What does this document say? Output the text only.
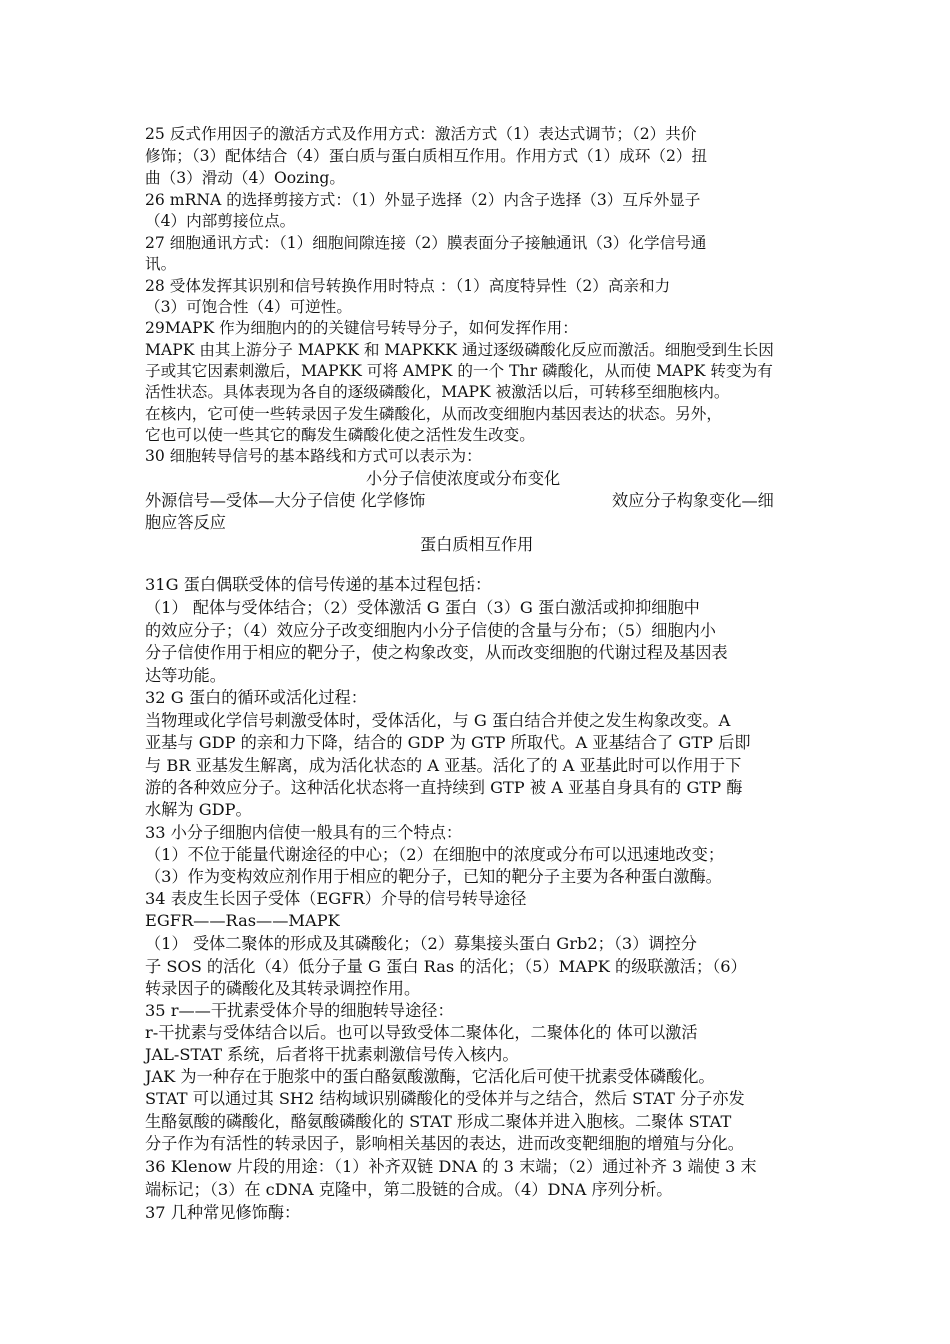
25 反式作用因子的激活方式及作用方式：激活方式（1）表达式调节；（2）共价
修饰；（3）配体结合（4）蛋白质与蛋白质相互作用。作用方式（1）成环（2）扭
曲（3）滑动（4）Oozing。
26 mRNA 的选择剪接方式：（1）外显子选择（2）内含子选择（3）互斥外显子
（4）内部剪接位点。
27 细胞通讯方式：（1）细胞间隙连接（2）膜表面分子接触通讯（3）化学信号通
讯。
28 受体发挥其识别和信号转换作用时特点 ：（1）高度特异性（2）高亲和力
（3）可饱合性（4）可逆性。
29MAPK 作为细胞内的的关键信号转导分子，如何发挥作用：
MAPK 由其上游分子 MAPKK 和 MAPKKK 通过逐级磷酸化反应而激活。细胞受到生长因
子或其它因素刺激后，MAPKK 可将 AMPK 的一个 Thr 磷酸化，从而使 MAPK 转变为有
活性状态。具体表现为各自的逐级磷酸化，MAPK 被激活以后，可转移至细胞核内。
在核内，它可使一些转录因子发生磷酸化，从而改变细胞内基因表达的状态。另外，
它也可以使一些其它的酶发生磷酸化使之活性发生改变。
30 细胞转导信号的基本路线和方式可以表示为：
小分子信使浓度或分布变化
外源信号—受体—大分子信使 化学修饰	效应分子构象变化—细
胞应答反应
蛋白质相互作用
31G 蛋白偶联受体的信号传递的基本过程包括：
（1） 配体与受体结合；（2）受体激活 G 蛋白（3）G 蛋白激活或抑抑细胞中
的效应分子；（4）效应分子改变细胞内小分子信使的含量与分布；（5）细胞内小
分子信使作用于相应的靶分子，使之构象改变，从而改变细胞的代谢过程及基因表
达等功能。
32 G 蛋白的循环或活化过程：
当物理或化学信号刺激受体时，受体活化，与 G 蛋白结合并使之发生构象改变。A
亚基与 GDP 的亲和力下降，结合的 GDP 为 GTP 所取代。A 亚基结合了 GTP 后即
与 BR 亚基发生解离，成为活化状态的 A 亚基。活化了的 A 亚基此时可以作用于下
游的各种效应分子。这种活化状态将一直持续到 GTP 被 A 亚基自身具有的 GTP 酶
水解为 GDP。
33 小分子细胞内信使一般具有的三个特点：
（1）不位于能量代谢途径的中心；（2）在细胞中的浓度或分布可以迅速地改变；
（3）作为变构效应剂作用于相应的靶分子，已知的靶分子主要为各种蛋白激酶。
34 表皮生长因子受体（EGFR）介导的信号转导途径
EGFR——Ras——MAPK
（1） 受体二聚体的形成及其磷酸化；（2）募集接头蛋白 Grb2；（3）调控分
子 SOS 的活化（4）低分子量 G 蛋白 Ras 的活化；（5）MAPK 的级联激活；（6）
转录因子的磷酸化及其转录调控作用。
35 r——干扰素受体介导的细胞转导途径：
r-干扰素与受体结合以后。也可以导致受体二聚体化，二聚体化的 体可以激活
JAL-STAT 系统，后者将干扰素刺激信号传入核内。
JAK 为一种存在于胞浆中的蛋白酪氨酸激酶，它活化后可使干扰素受体磷酸化。
STAT 可以通过其 SH2 结构域识别磷酸化的受体并与之结合，然后 STAT 分子亦发
生酪氨酸的磷酸化，酪氨酸磷酸化的 STAT 形成二聚体并进入胞核。二聚体 STAT
分子作为有活性的转录因子，影响相关基因的表达，进而改变靶细胞的增殖与分化。
36 Klenow 片段的用途：（1）补齐双链 DNA 的 3 末端；（2）通过补齐 3 端使 3 末
端标记；（3）在 cDNA 克隆中，第二股链的合成。（4）DNA 序列分析。
37 几种常见修饰酶：
